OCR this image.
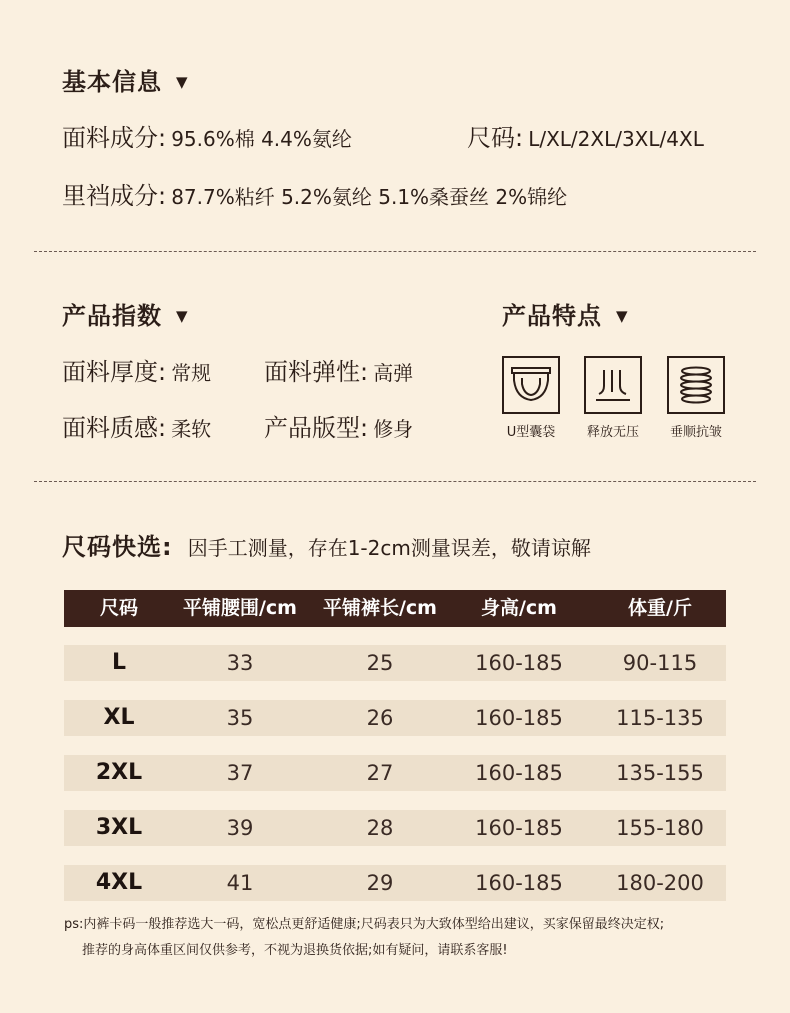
基本信息 ▼
面料成分: 95.6%棉 4.4%氨纶	尺码: L/XL/2XL/3XL/4XL
里裆成分: 87.7%粘纤 5.2%氨纶 5.1%桑蚕丝 2%锦纶
产品指数 ▼
面料厚度: 常规 面料弹性: 高弹
面料质感: 柔软 产品版型: 修身
产品特点 ▼
U型囊袋	释放无压	垂顺抗皱
尺码快选: 因手工测量，存在1-2cm测量误差，敬请谅解
尺码	平铺腰围/cm	平铺裤长/cm	身高/cm	体重/斤
L	33	25	160-185	90-115
XL	35	26	160-185	115-135
2XL	37	27	160-185	135-155
3XL	39	28	160-185	155-180
4XL	41	29	160-185	180-200
ps:内裤卡码一般推荐选大一码，宽松点更舒适健康;尺码表只为大致体型给出建议，买家保留最终决定权;
推荐的身高体重区间仅供参考，不视为退换货依据;如有疑问，请联系客服!
